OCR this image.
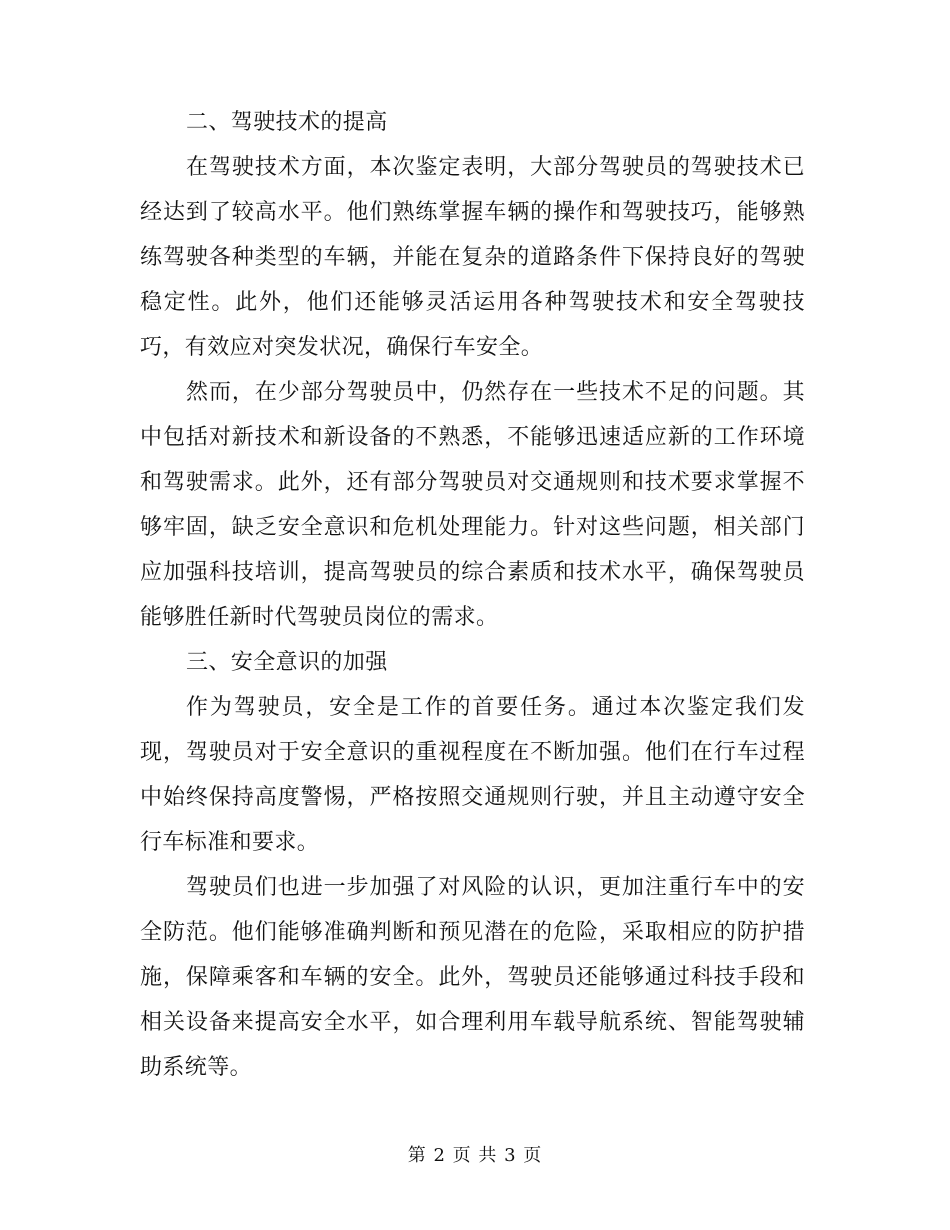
二、驾驶技术的提高

在驾驶技术方面，本次鉴定表明，大部分驾驶员的驾驶技术已经达到了较高水平。他们熟练掌握车辆的操作和驾驶技巧，能够熟练驾驶各种类型的车辆，并能在复杂的道路条件下保持良好的驾驶稳定性。此外，他们还能够灵活运用各种驾驶技术和安全驾驶技巧，有效应对突发状况，确保行车安全。

然而，在少部分驾驶员中，仍然存在一些技术不足的问题。其中包括对新技术和新设备的不熟悉，不能够迅速适应新的工作环境和驾驶需求。此外，还有部分驾驶员对交通规则和技术要求掌握不够牢固，缺乏安全意识和危机处理能力。针对这些问题，相关部门应加强科技培训，提高驾驶员的综合素质和技术水平，确保驾驶员能够胜任新时代驾驶员岗位的需求。

三、安全意识的加强

作为驾驶员，安全是工作的首要任务。通过本次鉴定我们发现，驾驶员对于安全意识的重视程度在不断加强。他们在行车过程中始终保持高度警惕，严格按照交通规则行驶，并且主动遵守安全行车标准和要求。

驾驶员们也进一步加强了对风险的认识，更加注重行车中的安全防范。他们能够准确判断和预见潜在的危险，采取相应的防护措施，保障乘客和车辆的安全。此外，驾驶员还能够通过科技手段和相关设备来提高安全水平，如合理利用车载导航系统、智能驾驶辅助系统等。

第 2 页 共 3 页
